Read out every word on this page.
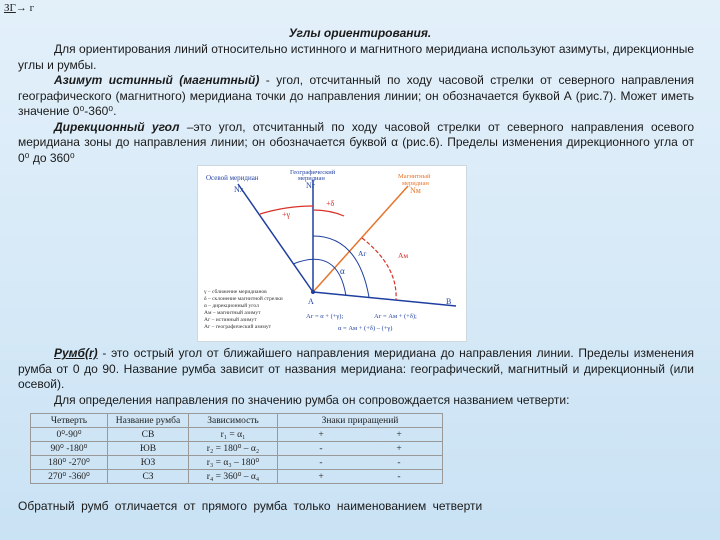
ЗГ→ г
Углы ориентирования.
Для ориентирования линий относительно истинного и магнитного меридиана используют азимуты, дирекционные углы и румбы.
Азимут истинный (магнитный) - угол, отсчитанный по ходу часовой стрелки от северного направления географического (магнитного) меридиана точки до направления линии; он обозначается буквой А (рис.7). Может иметь значение 0⁰-360⁰.
Дирекционный угол –это угол, отсчитанный по ходу часовой стрелки от северного направления осевого меридиана зоны до направления линии; он обозначается буквой α (рис.6). Пределы изменения дирекционного угла от 0⁰ до 360⁰
Осевой меридиан
Nx
Географический
меридиан
Nг
Магнитный
меридиан
Nм
+γ
+δ
α
Aг	Aм
A	B
Aг = α + (+γ);	Aг = Aм + (+δ);
α = Aм + (+δ) – (+γ)
γ – сближение меридианов
δ – склонение магнитной стрелки
α – дирекционный угол
Aм – магнитный азимут
Aг – истинный азимут
Aг – географический азимут
Румб(r) - это острый угол от ближайшего направления меридиана до направления линии. Пределы изменения румба от 0 до 90. Название румба зависит от названия меридиана: географический, магнитный и дирекционный (или осевой).
Для определения направления по значению румба он сопровождается названием четверти:
Четверть	Название румба	Зависимость	Знаки приращений
0⁰-90⁰	СВ	r₁ = α₁	+ +
90⁰ -180⁰	ЮВ	r₂ = 180⁰ – α₂	- +
180⁰ -270⁰	ЮЗ	r₃ = α₃ – 180⁰	- -
270⁰ -360⁰	СЗ	r₄ = 360⁰ – α₄	+ -
Обратный румб отличается от прямого румба только наименованием четверти
